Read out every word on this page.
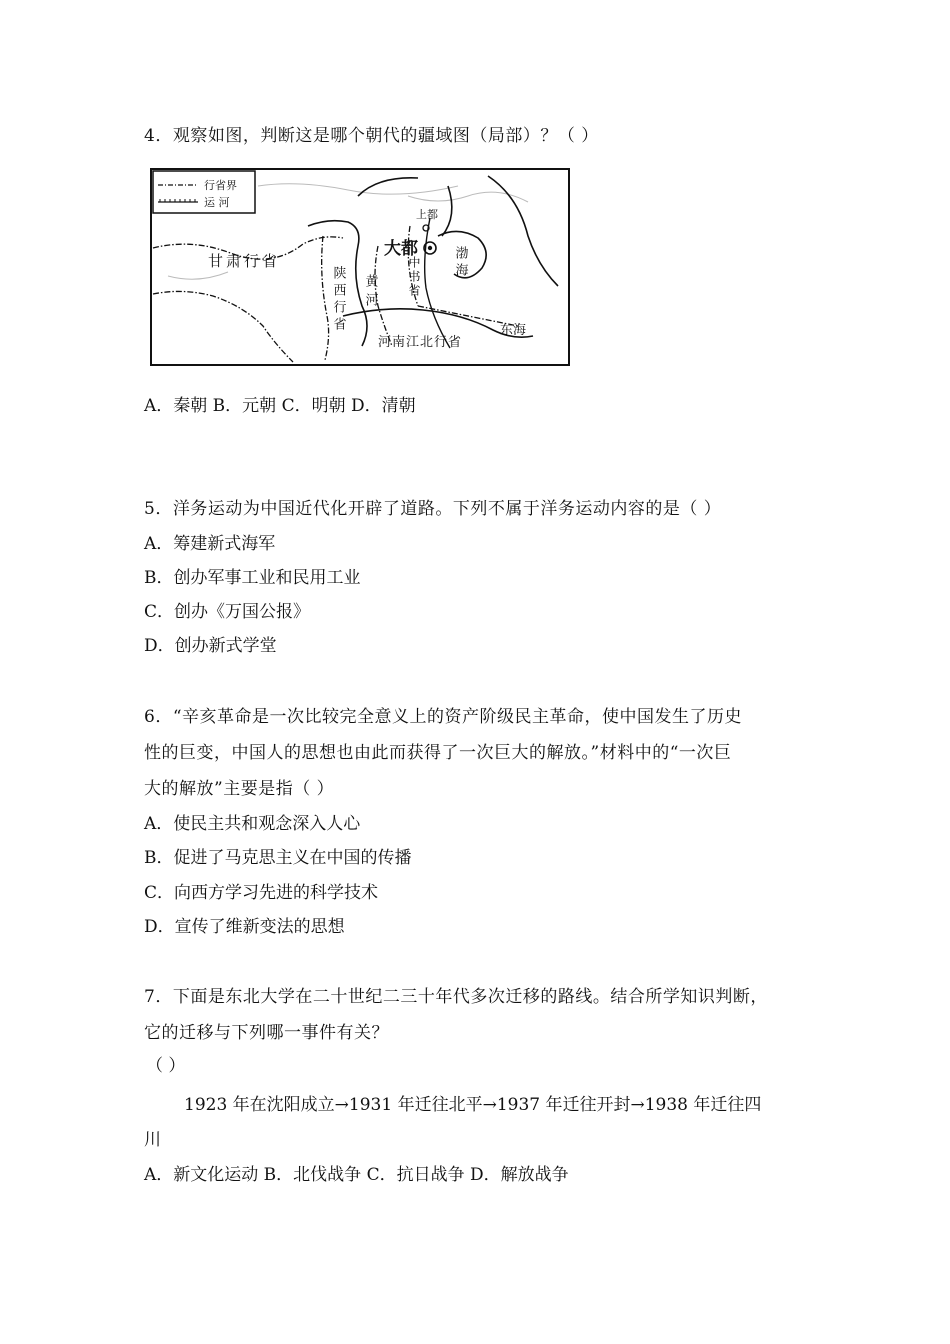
4．观察如图，判断这是哪个朝代的疆域图（局部）？（ ）
行省界
运 河
甘肃行省
上都
大都
东海
河南江北行省
陕西行省 黄河 中书省 渤海
A．秦朝 B．元朝 C．明朝 D．清朝
5．洋务运动为中国近代化开辟了道路。下列不属于洋务运动内容的是（ ）
A．筹建新式海军
B．创办军事工业和民用工业
C．创办《万国公报》
D．创办新式学堂
6．“辛亥革命是一次比较完全意义上的资产阶级民主革命，使中国发生了历史
性的巨变，中国人的思想也由此而获得了一次巨大的解放。”材料中的“一次巨
大的解放”主要是指（ ）
A．使民主共和观念深入人心
B．促进了马克思主义在中国的传播
C．向西方学习先进的科学技术
D．宣传了维新变法的思想
7．下面是东北大学在二十世纪二三十年代多次迁移的路线。结合所学知识判断，
它的迁移与下列哪一事件有关？
（ ）
1923 年在沈阳成立→1931 年迁往北平→1937 年迁往开封→1938 年迁往四
川
A．新文化运动 B．北伐战争 C．抗日战争 D．解放战争
